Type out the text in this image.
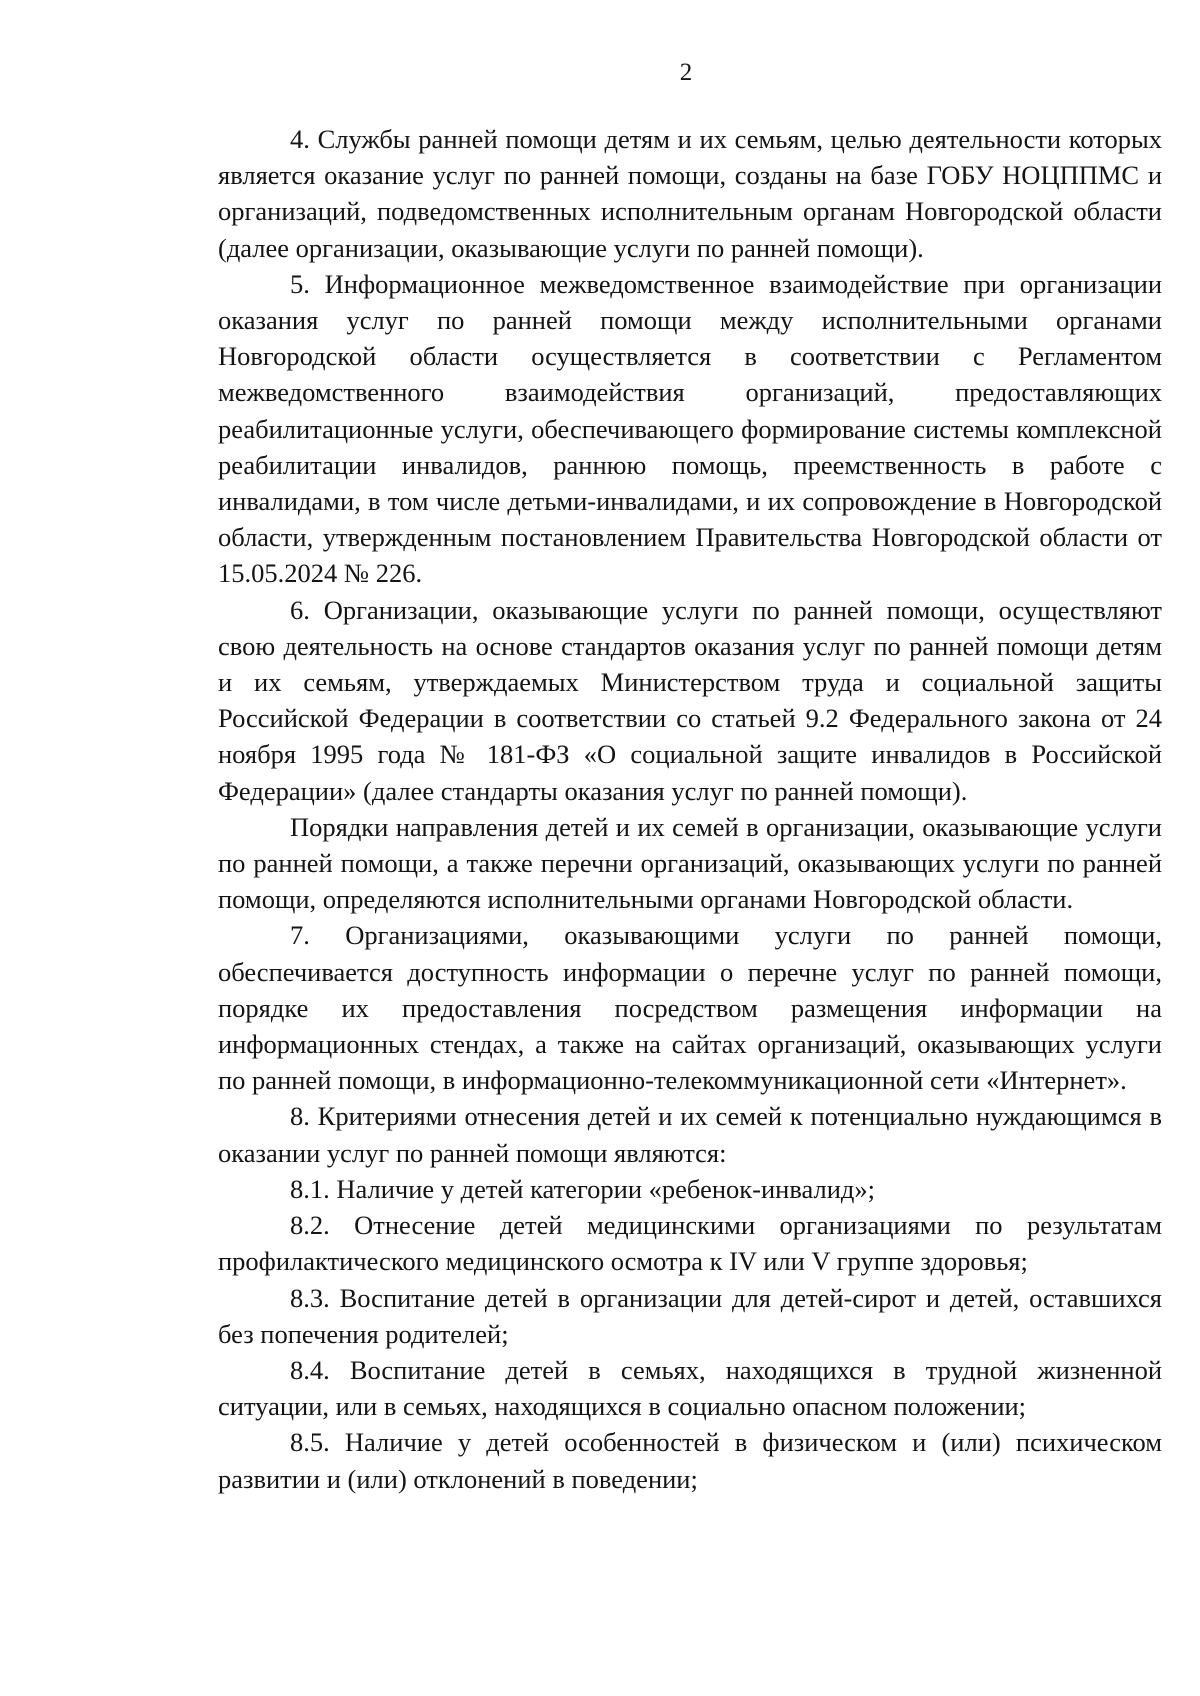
2

4. Службы ранней помощи детям и их семьям, целью деятельности которых является оказание услуг по ранней помощи, созданы на базе ГОБУ НОЦППМС и организаций, подведомственных исполнительным органам Новгородской области (далее организации, оказывающие услуги по ранней помощи).

5. Информационное межведомственное взаимодействие при организации оказания услуг по ранней помощи между исполнительными органами Новгородской области осуществляется в соответствии с Регламентом межведомственного взаимодействия организаций, предоставляющих реабилитационные услуги, обеспечивающего формирование системы комплексной реабилитации инвалидов, раннюю помощь, преемственность в работе с инвалидами, в том числе детьми-инвалидами, и их сопровождение в Новгородской области, утвержденным постановлением Правительства Новгородской области от 15.05.2024 № 226.

6. Организации, оказывающие услуги по ранней помощи, осуществляют свою деятельность на основе стандартов оказания услуг по ранней помощи детям и их семьям, утверждаемых Министерством труда и социальной защиты Российской Федерации в соответствии со статьей 9.2 Федерального закона от 24 ноября 1995 года № 181-ФЗ «О социальной защите инвалидов в Российской Федерации» (далее стандарты оказания услуг по ранней помощи).

Порядки направления детей и их семей в организации, оказывающие услуги по ранней помощи, а также перечни организаций, оказывающих услуги по ранней помощи, определяются исполнительными органами Новгородской области.

7. Организациями, оказывающими услуги по ранней помощи, обеспечивается доступность информации о перечне услуг по ранней помощи, порядке их предоставления посредством размещения информации на информационных стендах, а также на сайтах организаций, оказывающих услуги по ранней помощи, в информационно-телекоммуникационной сети «Интернет».

8. Критериями отнесения детей и их семей к потенциально нуждающимся в оказании услуг по ранней помощи являются:

8.1. Наличие у детей категории «ребенок-инвалид»;

8.2. Отнесение детей медицинскими организациями по результатам профилактического медицинского осмотра к IV или V группе здоровья;

8.3. Воспитание детей в организации для детей-сирот и детей, оставшихся без попечения родителей;

8.4. Воспитание детей в семьях, находящихся в трудной жизненной ситуации, или в семьях, находящихся в социально опасном положении;

8.5. Наличие у детей особенностей в физическом и (или) психическом развитии и (или) отклонений в поведении;
